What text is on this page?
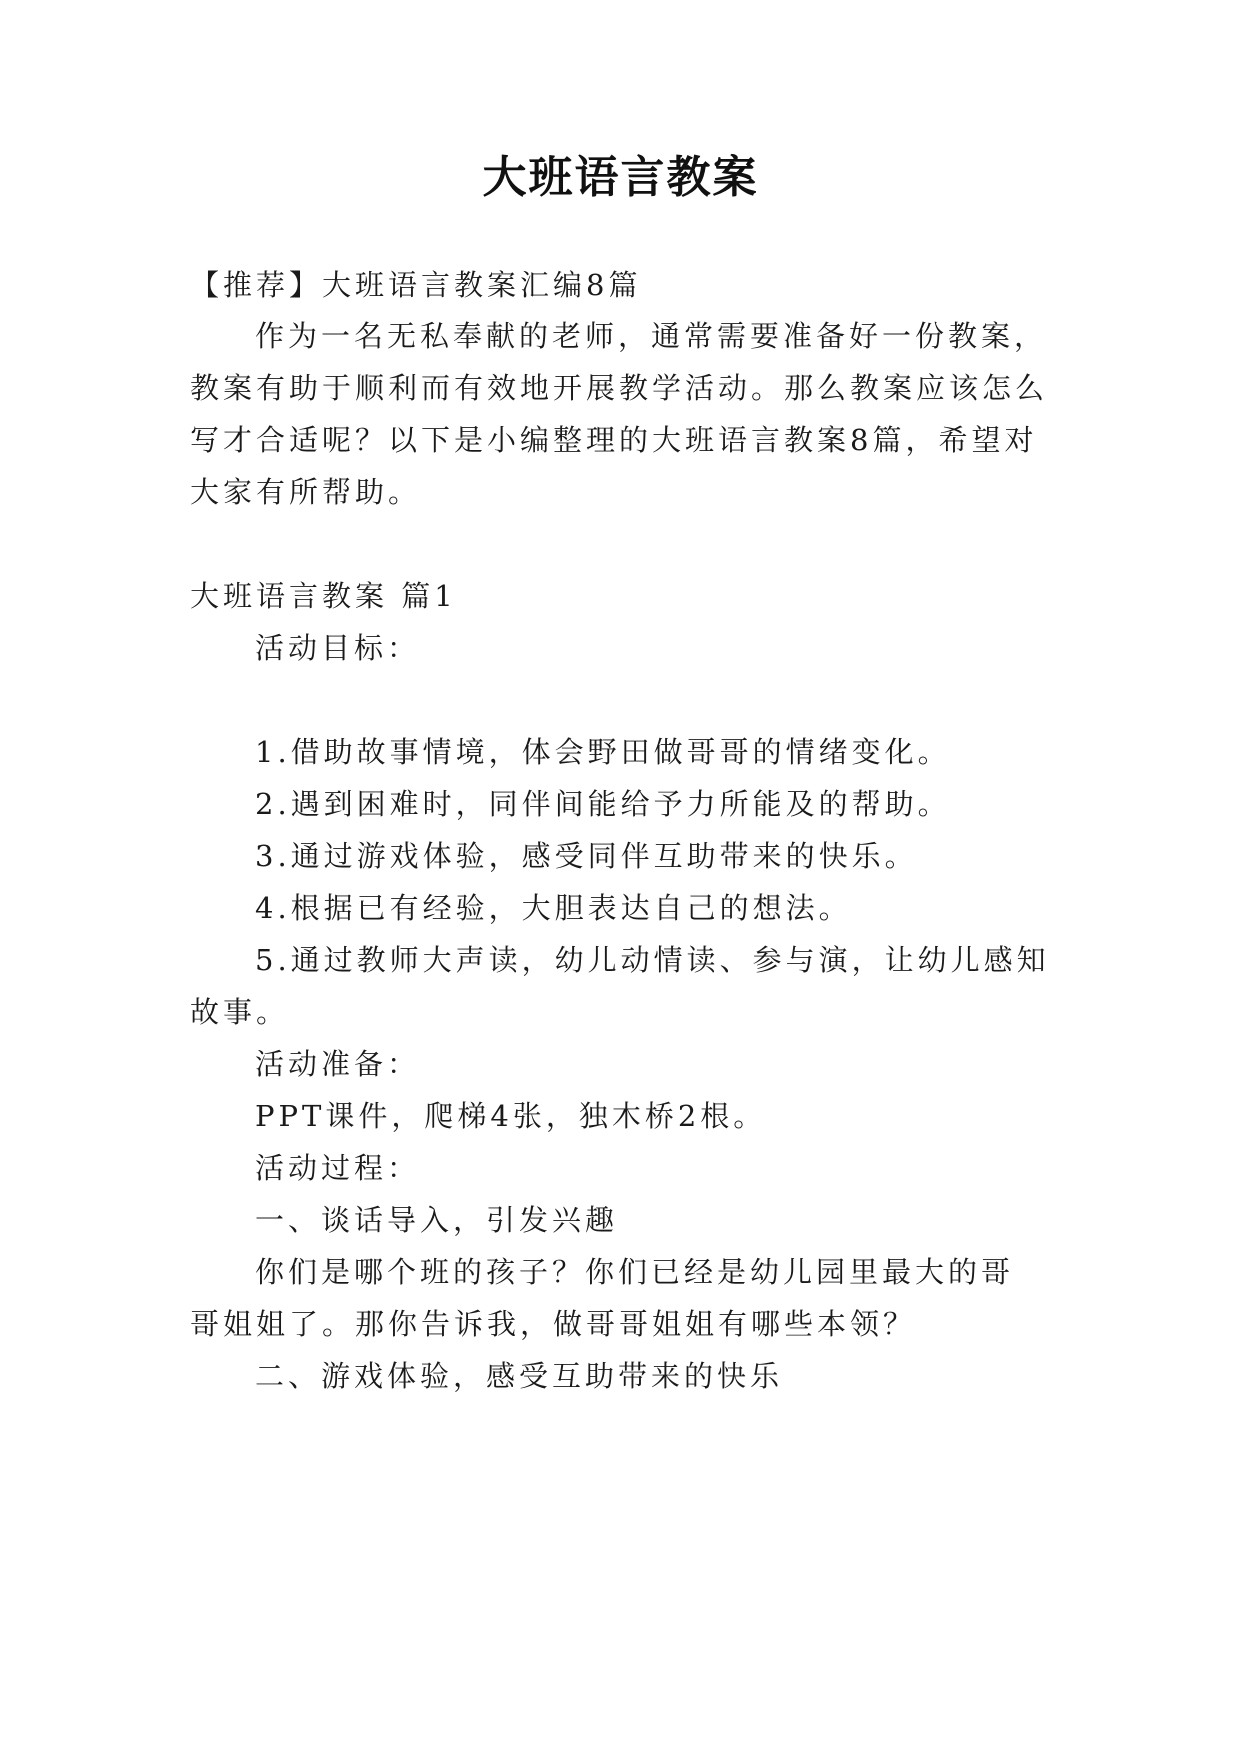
大班语言教案
【推荐】大班语言教案汇编8篇
作为一名无私奉献的老师，通常需要准备好一份教案，
教案有助于顺利而有效地开展教学活动。那么教案应该怎么
写才合适呢？以下是小编整理的大班语言教案8篇，希望对
大家有所帮助。
大班语言教案 篇1
活动目标：
1.借助故事情境，体会野田做哥哥的情绪变化。
2.遇到困难时，同伴间能给予力所能及的帮助。
3.通过游戏体验，感受同伴互助带来的快乐。
4.根据已有经验，大胆表达自己的想法。
5.通过教师大声读，幼儿动情读、参与演，让幼儿感知
故事。
活动准备：
PPT课件，爬梯4张，独木桥2根。
活动过程：
一、谈话导入，引发兴趣
你们是哪个班的孩子？你们已经是幼儿园里最大的哥
哥姐姐了。那你告诉我，做哥哥姐姐有哪些本领？
二、游戏体验，感受互助带来的快乐
